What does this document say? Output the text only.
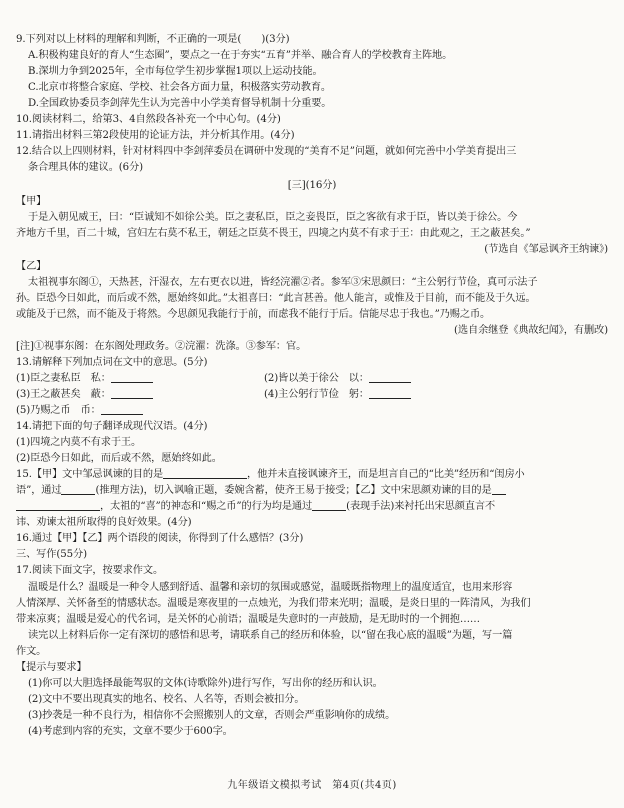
9.下列对以上材料的理解和判断，不正确的一项是(　　)(3分)
A.积极构建良好的育人“生态圈”，要点之一在于夯实“五育”并举、融合育人的学校教育主阵地。
B.深圳力争到2025年，全市每位学生初步掌握1项以上运动技能。
C.北京市将整合家庭、学校、社会各方面力量，积极落实劳动教育。
D.全国政协委员李剑萍先生认为完善中小学美育督导机制十分重要。
10.阅读材料二，给第3、4自然段各补充一个中心句。(4分)
11.请指出材料三第2段使用的论证方法，并分析其作用。(4分)
12.结合以上四则材料，针对材料四中李剑萍委员在调研中发现的“美育不足”问题，就如何完善中小学美育提出三
条合理具体的建议。(6分)
[三](16分)
【甲】
于是入朝见威王，曰：“臣诚知不如徐公美。臣之妻私臣，臣之妾畏臣，臣之客欲有求于臣，皆以美于徐公。今
齐地方千里，百二十城，宫妇左右莫不私王，朝廷之臣莫不畏王，四境之内莫不有求于王：由此观之，王之蔽甚矣。”
(节选自《邹忌讽齐王纳谏》)
【乙】
太祖视事东阁①，天热甚，汗湿衣，左右更衣以进，皆经浣濯②者。参军③宋思颜曰：“主公躬行节俭，真可示法子
孙。臣恐今日如此，而后或不然，愿始终如此。”太祖喜曰：“此言甚善。他人能言，或惟及于目前，而不能及于久远。
或能及于已然，而不能及于将然。今思颜见我能行于前，而虑我不能行于后。信能尽忠于我也。”乃赐之币。
(选自余继登《典故纪闻》，有删改)
[注]①视事东阁：在东阁处理政务。②浣濯：洗涤。③参军：官。
13.请解释下列加点词在文中的意思。(5分)
(1)臣之妻私臣　私：	(2)皆以美于徐公　以：
(3)王之蔽甚矣　蔽：	(4)主公躬行节俭　躬：
(5)乃赐之币　币：
14.请把下面的句子翻译成现代汉语。(4分)
(1)四境之内莫不有求于王。
(2)臣恐今日如此，而后或不然，愿始终如此。
15.【甲】文中邹忌讽谏的目的是	，他并未直接讽谏齐王，而是坦言自己的“比美”经历和“闺房小
语”，通过	(推理方法)，切入讽喻正题，委婉含蓄，使齐王易于接受；【乙】文中宋思颜劝谏的目的是
，太祖的“喜”的神态和“赐之币”的行为均是通过	(表现手法)来衬托出宋思颜直言不
讳、劝谏太祖所取得的良好效果。(4分)
16.通过【甲】【乙】两个语段的阅读，你得到了什么感悟？(3分)
三、写作(55分)
17.阅读下面文字，按要求作文。
温暖是什么？温暖是一种令人感到舒适、温馨和亲切的氛围或感觉，温暖既指物理上的温度适宜，也用来形容
人情深厚、关怀备至的情感状态。温暖是寒夜里的一点烛光，为我们带来光明；温暖，是炎日里的一阵清风，为我们
带来凉爽；温暖是爱心的代名词，是关怀的心前语；温暖是失意时的一声鼓励，是无助时的一个拥抱……
读完以上材料后你一定有深切的感悟和思考，请联系自己的经历和体验，以“留在我心底的温暖”为题，写一篇
作文。
【提示与要求】
(1)你可以大胆选择最能驾驭的文体(诗歌除外)进行写作，写出你的经历和认识。
(2)文中不要出现真实的地名、校名、人名等，否则会被扣分。
(3)抄袭是一种不良行为，相信你不会照搬别人的文章，否则会严重影响你的成绩。
(4)考虑到内容的充实，文章不要少于600字。
九年级语文模拟考试　第4页(共4页)
